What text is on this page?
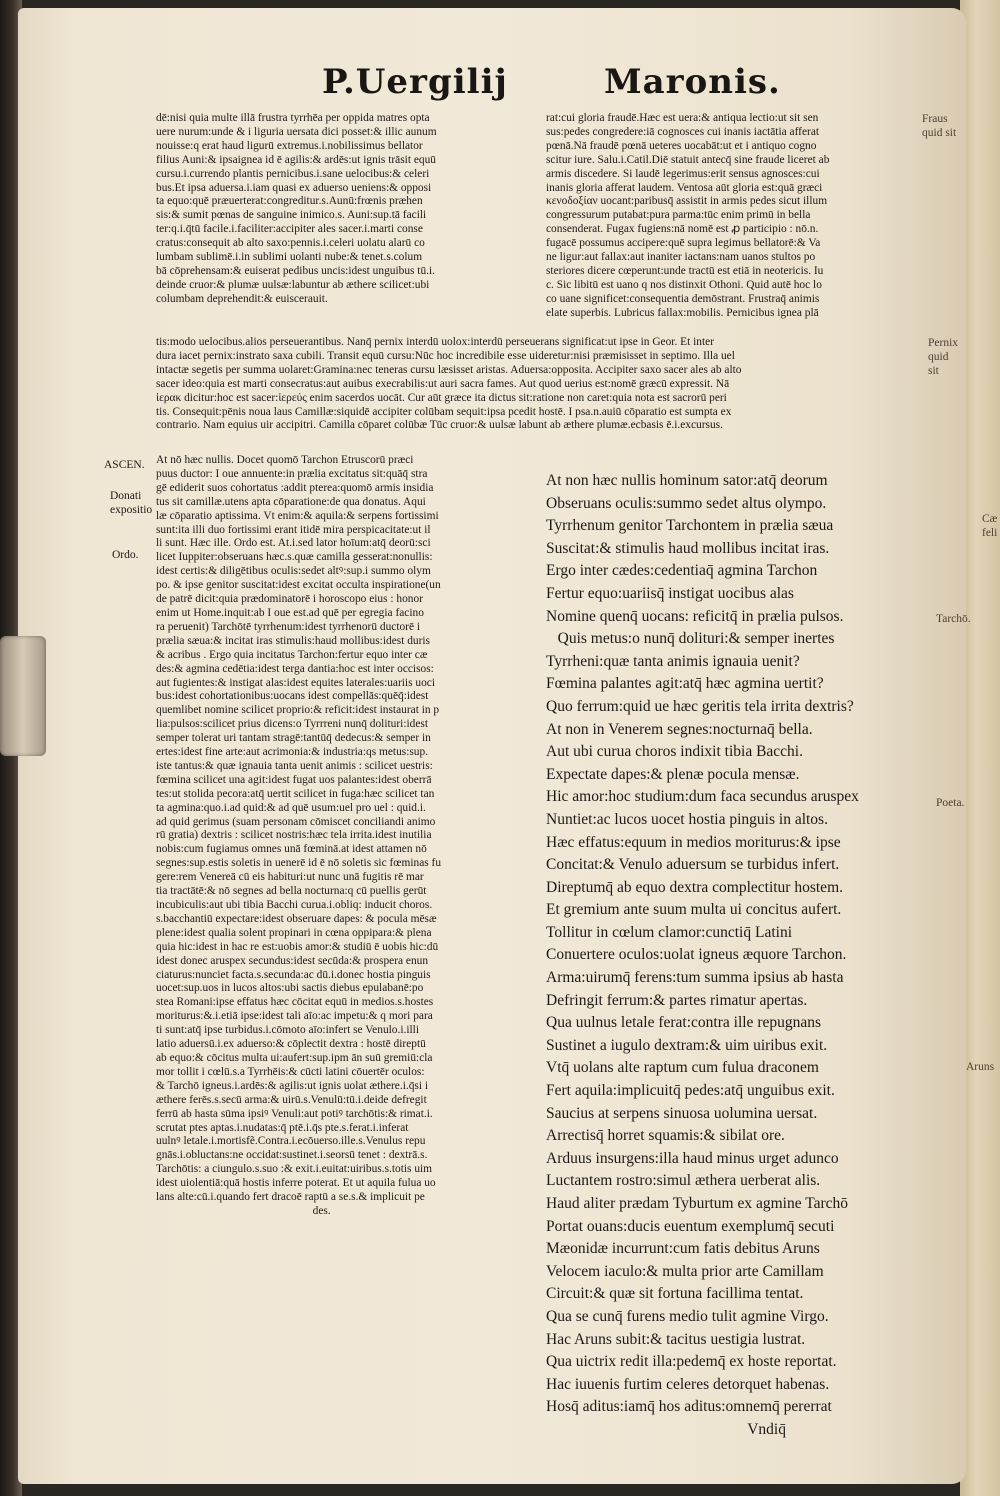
P.Uergilij	Maronis.
dē:nisi quia multe illā frustra tyrrhēa per oppida matres opta
uere nurum:unde & i liguria uersata dici posset:& illic aunum
nouisse:q erat haud ligurū extremus.i.nobilissimus bellator
filius Auni:& ipsaignea id ē agilis:& ardēs:ut ignis trāsit equū
cursu.i.currendo plantis pernicibus.i.sane uelocibus:& celeri
bus.Et ipsa aduersa.i.iam quasi ex aduerso ueniens:& opposi
ta equo:quē præuerterat:congreditur.s.Aunū:frœnis præhen
sis:& sumit pœnas de sanguine inimico.s. Auni:sup.tā facili
ter:q.i.q̄tū facile.i.faciliter:accipiter ales sacer.i.marti conse
cratus:consequit ab alto saxo:pennis.i.celeri uolatu alarū co
lumbam sublimē.i.in sublimi uolanti nube:& tenet.s.colum
bā cōprehensam:& euiserat pedibus uncis:idest unguibus tū.i.
deinde cruor:& plumæ uulsæ:labuntur ab æthere scilicet:ubi
columbam deprehendit:& euiscerauit.
rat:cui gloria fraudē.Hæc est uera:& antiqua lectio:ut sit sen
sus:pedes congredere:iā cognosces cui inanis iactātia afferat
pœnā.Nā fraudē pœnā ueteres uocabāt:ut et i antiquo cogno
scitur iure. Salu.i.Catil.Diē statuit antecq̄ sine fraude liceret ab
armis discedere. Si laudē legerimus:erit sensus agnosces:cui
inanis gloria afferat laudem. Ventosa aūt gloria est:quā græci
κενοδοξίαν uocant:paribusq̄ assistit in armis pedes sicut illum
congressurum putabat:pura parma:tūc enim primū in bella
consenderat. Fugax fugiens:nā nomē est ꝓ participio : nō.n.
fugacē possumus accipere:quē supra legimus bellatorē:& Va
ne ligur:aut fallax:aut inaniter iactans:nam uanos stultos po
steriores dicere cœperunt:unde tractū est etiā in neotericis. Iu
c. Sic libitū est uano q nos distinxit Othoni. Quid autē hoc lo
co uane significet:consequentia demōstrant. Frustraq̄ animis
elate superbis. Lubricus fallax:mobilis. Pernicibus ignea plā
tis:modo uelocibus.alios perseuerantibus. Nanq̄ pernix interdū uolox:interdū perseuerans significat:ut ipse in Geor. Et inter
dura iacet pernix:instrato saxa cubili. Transit equū cursu:Nūc hoc incredibile esse uideretur:nisi præmisisset in septimo. Illa uel
intactæ segetis per summa uolaret:Gramina:nec teneras cursu læsisset aristas. Aduersa:opposita. Accipiter saxo sacer ales ab alto
sacer ideo:quia est marti consecratus:aut auibus execrabilis:ut auri sacra fames. Aut quod uerius est:nomē græcū expressit. Nā
ἱερακ dicitur:hoc est sacer:ἱερεύς enim sacerdos uocāt. Cur aūt græce ita dictus sit:ratione non caret:quia nota est sacrorū peri
tis. Consequit:pēnis noua laus Camillæ:siquidē accipiter colūbam sequit:ipsa pcedit hostē. I psa.n.auiū cōparatio est sumpta ex
contrario. Nam equius uir accipitri. Camilla cōparet colūbæ Tūc cruor:& uulsæ labunt ab æthere plumæ.ecbasis ē.i.excursus.
At nō hæc nullis. Docet quomō Tarchon Etruscorū præci
puus ductor: I oue annuente:in prælia excitatus sit:quāq̄ stra
gē ediderit suos cohortatus :addit pterea:quomō armis insidia
tus sit camillæ.utens apta cōparatione:de qua donatus. Aqui
læ cōparatio aptissima. Vt enim:& aquila:& serpens fortissimi
sunt:ita illi duo fortissimi erant itidē mira perspicacitate:ut il
li sunt. Hæc ille. Ordo est. At.i.sed lator hoīum:atq̄ deorū:sci
licet Iuppiter:obseruans hæc.s.quæ camilla gesserat:nonullis:
idest certis:& diligētibus oculis:sedet altꝰ:sup.i summo olym
po. & ipse genitor suscitat:idest excitat occulta inspiratione(un
de patrē dicit:quia prædominatorē i horoscopo eius : honor
enim ut Home.inquit:ab I oue est.ad quē per egregia facino
ra peruenit) Tarchōtē tyrrhenum:idest tyrrhenorū ductorē i
prælia sæua:& incitat iras stimulis:haud mollibus:idest duris
& acribus . Ergo quia incitatus Tarchon:fertur equo inter cæ
des:& agmina cedētia:idest terga dantia:hoc est inter occisos:
aut fugientes:& instigat alas:idest equites laterales:uariis uoci
bus:idest cohortationibus:uocans idest compellās:quēq̄:idest
quemlibet nomine scilicet proprio:& reficit:idest instaurat in p
lia:pulsos:scilicet prius dicens:o Tyrrreni nunq̄ dolituri:idest
semper tolerat uri tantam stragē:tantūq̄ dedecus:& semper in
ertes:idest fine arte:aut acrimonia:& industria:qs metus:sup.
iste tantus:& quæ ignauia tanta uenit animis : scilicet uestris:
fœmina scilicet una agit:idest fugat uos palantes:idest oberrā
tes:ut stolida pecora:atq̄ uertit scilicet in fuga:hæc scilicet tan
ta agmina:quo.i.ad quid:& ad quē usum:uel pro uel : quid.i.
ad quid gerimus (suam personam cōmiscet conciliandi animo
rū gratia) dextris : scilicet nostris:hæc tela irrita.idest inutilia
nobis:cum fugiamus omnes unā fœminā.at idest attamen nō
segnes:sup.estis soletis in uenerē id ē nō soletis sic fœminas fu
gere:rem Venereā cū eis habituri:ut nunc unā fugitis rē mar
tia tractātē:& nō segnes ad bella nocturna:q cū puellis gerūt
incubiculis:aut ubi tibia Bacchi curua.i.obliq: inducit choros.
s.bacchantiū expectare:idest obseruare dapes: & pocula mēsæ
plene:idest qualia solent propinari in cœna oppipara:& plena
quia hic:idest in hac re est:uobis amor:& studiū ē uobis hic:dū
idest donec aruspex secundus:idest secūda:& prospera enun
ciaturus:nunciet facta.s.secunda:ac dū.i.donec hostia pinguis
uocet:sup.uos in lucos altos:ubi sactis diebus epulabanē:po
stea Romani:ipse effatus hæc cōcitat equū in medios.s.hostes
moriturus:&.i.etiā ipse:idest tali aīo:ac impetu:& q mori para
ti sunt:atq̄ ipse turbidus.i.cōmoto aīo:infert se Venulo.i.illi
latio aduersū.i.ex aduerso:& cōplectit dextra : hostē direptū
ab equo:& cōcitus multa ui:aufert:sup.ipm ān suū gremiū:cla
mor tollit i cœlū.s.a Tyrrhēis:& cūcti latini cōuertēr oculos:
& Tarchō igneus.i.ardēs:& agilis:ut ignis uolat æthere.i.q̄si i
æthere ferēs.s.secū arma:& uirū.s.Venulū:tū.i.deide defregit
ferrū ab hasta sūma ipsiꝰ Venuli:aut potiꝰ tarchōtis:& rimat.i.
scrutat ptes aptas.i.nudatas:q̄ ptē.i.q̄s pte.s.ferat.i.inferat
uulnꝰ letale.i.mortisfẽ.Contra.i.ecōuerso.ille.s.Venulus repu
gnās.i.obluctans:ne occidat:sustinet.i.seorsū tenet : dextrā.s.
Tarchōtis: a ciungulo.s.suo :& exit.i.euitat:uiribus.s.totis uim
idest uiolentiā:quā hostis inferre poterat. Et ut aquila fulua uo
lans alte:cū.i.quando fert dracoē raptū a se.s.& implicuit pe
des.
At non hæc nullis hominum sator:atq̄ deorum
Obseruans oculis:summo sedet altus olympo.
Tyrrhenum genitor Tarchontem in prælia sæua
Suscitat:& stimulis haud mollibus incitat iras.
Ergo inter cædes:cedentiaq̄ agmina Tarchon
Fertur equo:uariisq̄ instigat uocibus alas
Nomine quenq̄ uocans: reficitq̄ in prælia pulsos.
Quis metus:o nunq̄ dolituri:& semper inertes
Tyrrheni:quæ tanta animis ignauia uenit?
Fœmina palantes agit:atq̄ hæc agmina uertit?
Quo ferrum:quid ue hæc geritis tela irrita dextris?
At non in Venerem segnes:nocturnaq̄ bella.
Aut ubi curua choros indixit tibia Bacchi.
Expectate dapes:& plenæ pocula mensæ.
Hic amor:hoc studium:dum faca secundus aruspex
Nuntiet:ac lucos uocet hostia pinguis in altos.
Hæc effatus:equum in medios moriturus:& ipse
Concitat:& Venulo aduersum se turbidus infert.
Direptumq̄ ab equo dextra complectitur hostem.
Et gremium ante suum multa ui concitus aufert.
Tollitur in cœlum clamor:cunctiq̄ Latini
Conuertere oculos:uolat igneus æquore Tarchon.
Arma:uirumq̄ ferens:tum summa ipsius ab hasta
Defringit ferrum:& partes rimatur apertas.
Qua uulnus letale ferat:contra ille repugnans
Sustinet a iugulo dextram:& uim uiribus exit.
Vtq̄ uolans alte raptum cum fulua draconem
Fert aquila:implicuitq̄ pedes:atq̄ unguibus exit.
Saucius at serpens sinuosa uolumina uersat.
Arrectisq̄ horret squamis:& sibilat ore.
Arduus insurgens:illa haud minus urget adunco
Luctantem rostro:simul æthera uerberat alis.
Haud aliter prædam Tyburtum ex agmine Tarchō
Portat ouans:ducis euentum exemplumq̄ secuti
Mæonidæ incurrunt:cum fatis debitus Aruns
Velocem iaculo:& multa prior arte Camillam
Circuit:& quæ sit fortuna facillima tentat.
Qua se cunq̄ furens medio tulit agmine Virgo.
Hac Aruns subit:& tacitus uestigia lustrat.
Qua uictrix redit illa:pedemq̄ ex hoste reportat.
Hac iuuenis furtim celeres detorquet habenas.
Hosq̄ aditus:iamq̄ hos aditus:omnemq̄ pererrat
Vndiq̄
ASCEN.
Donati expositio
Ordo.
Fraus quid sit
Pernix quid sit
Tarchō.
Poeta.
Aruns
Cæ feli
